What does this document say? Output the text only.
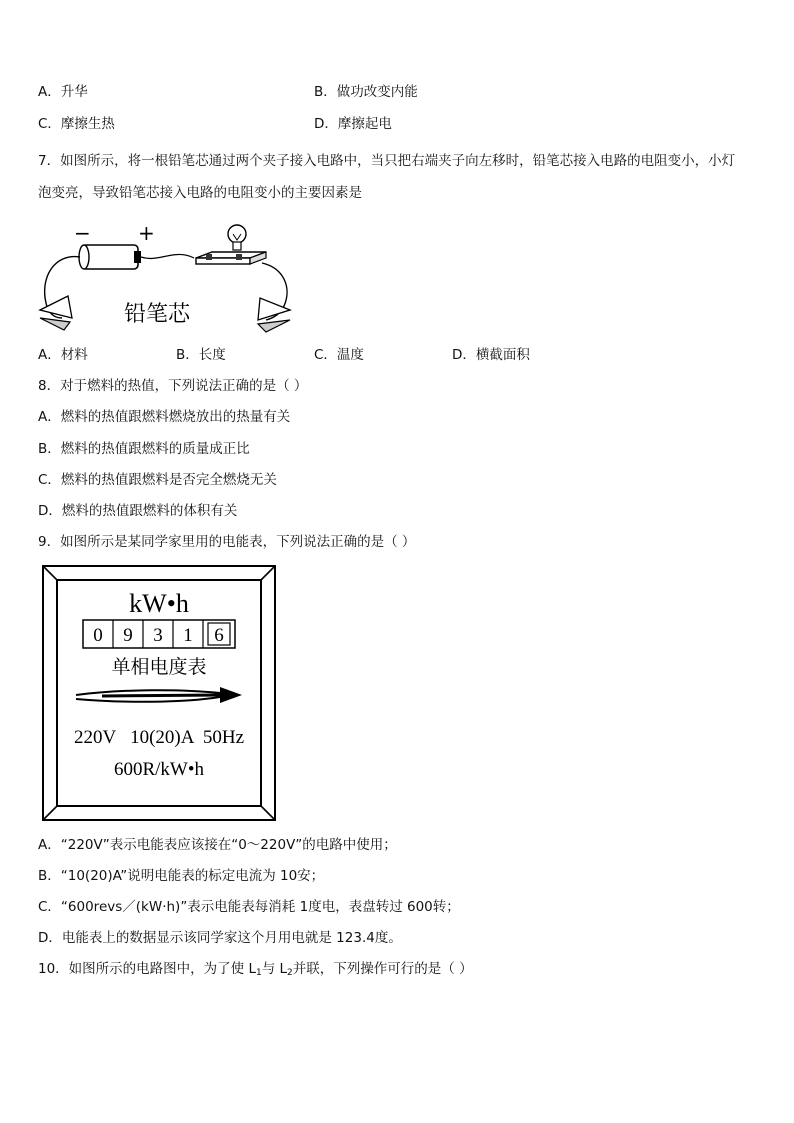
A．升华	B．做功改变内能
C．摩擦生热	D．摩擦起电
7．如图所示，将一根铅笔芯通过两个夹子接入电路中，当只把右端夹子向左移时，铅笔芯接入电路的电阻变小，小灯
泡变亮，导致铅笔芯接入电路的电阻变小的主要因素是
− +
铅笔芯
A．材料	B．长度	C．温度	D．横截面积
8．对于燃料的热值，下列说法正确的是（ ）
A．燃料的热值跟燃料燃烧放出的热量有关
B．燃料的热值跟燃料的质量成正比
C．燃料的热值跟燃料是否完全燃烧无关
D．燃料的热值跟燃料的体积有关
9．如图所示是某同学家里用的电能表，下列说法正确的是（ ）
kW•h
0 9 3 1 6
单相电度表
220V   10(20)A  50Hz
600R/kW•h
A．“220V”表示电能表应该接在“0～220V”的电路中使用；
B．“10(20)A”说明电能表的标定电流为 10安；
C．“600revs／(kW·h)”表示电能表每消耗 1度电，表盘转过 600转；
D．电能表上的数据显示该同学家这个月用电就是 123.4度。
10．如图所示的电路图中，为了使 $L_1$与 $L_2$并联，下列操作可行的是（ ）
